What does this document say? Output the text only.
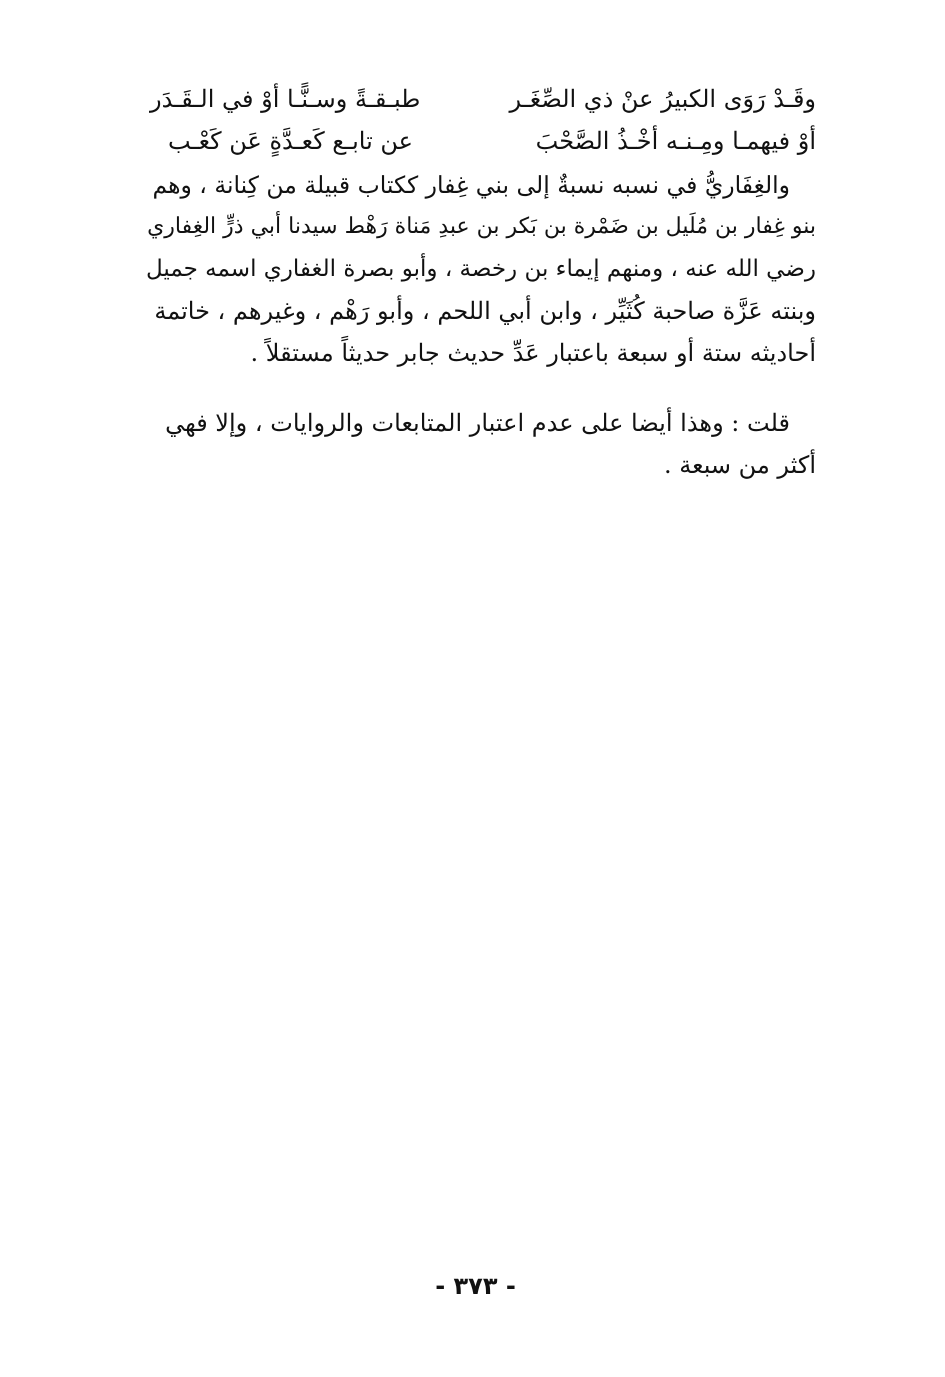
وقَـدْ رَوَى الكبيرُ عنْ ذي الصِّغَـر
طبـقـةً وسـنًّـا أوْ في الـقَـدَر
أوْ فيهمـا ومِـنـه أخْـذُ الصَّحْبَ
عن تابـع كَعـدَّةٍ عَن كَعْـب
والغِفَاريُّ في نسبه نسبةٌ إلى بني غِفار ككتاب قبيلة من كِنانة ، وهم
بنو غِفار بن مُلَيل بن ضَمْرة بن بَكر بن عبدِ مَناة رَهْط سيدنا أبي ذرٍّ الغِفاري
رضي الله عنه ، ومنهم إيماء بن رخصة ، وأبو بصرة الغفاري اسمه جميل
وبنته عَزَّة صاحبة كُثَيِّر ، وابن أبي اللحم ، وأبو رَهْم ، وغيرهم ، خاتمة
أحاديثه ستة أو سبعة باعتبار عَدِّ حديث جابر حديثاً مستقلاً .
قلت : وهذا أيضا على عدم اعتبار المتابعات والروايات ، وإلا فهي
أكثر من سبعة .
- ٣٧٣ -
